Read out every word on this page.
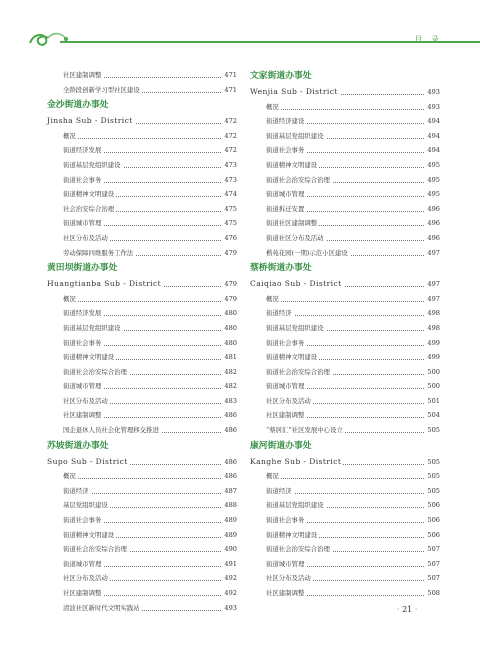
目 录
社区建制调整	471
全龄段创新学习型社区建设	471
金沙街道办事处
Jinsha Sub - District	472
概况	472
街道经济发展	472
街道基层党组织建设	473
街道社会事务	473
街道精神文明建设	474
社会治安综合治理	475
街道城市管理	475
社区分布及活动	476
劳动保障四维服务工作法	479
黄田坝街道办事处
Huangtianba Sub - District	479
概况	479
街道经济发展	480
街道基层党组织建设	480
街道社会事务	480
街道精神文明建设	481
街道社会治安综合治理	482
街道城市管理	482
社区分布及活动	483
社区建制调整	486
国企退休人员社会化管理移交推进	486
苏坡街道办事处
Supo Sub - District	486
概况	486
街道经济	487
基层党组织建设	488
街道社会事务	489
街道精神文明建设	489
街道社会治安综合治理	490
街道城市管理	491
社区分布及活动	492
社区建制调整	492
清波社区新时代文明实践站	493
文家街道办事处
Wenjia Sub - District	493
概况	493
街道经济建设	494
街道基层党组织建设	494
街道社会事务	494
街道精神文明建设	495
街道社会治安综合治理	495
街道城市管理	495
街道拆迁安置	496
街道社区建制调整	496
街道社区分布及活动	496
楷苑花园(一期)示范小区建设	497
蔡桥街道办事处
Caiqiao Sub - District	497
概况	497
街道经济	498
街道基层党组织建设	498
街道社会事务	499
街道精神文明建设	499
街道社会治安综合治理	500
街道城市管理	500
社区分布及活动	501
社区建制调整	504
“蔡居汇”社区发展中心设立	505
康河街道办事处
Kanghe Sub - District	505
概况	505
街道经济	505
街道基层党组织建设	506
街道社会事务	506
街道精神文明建设	506
街道社会治安综合治理	507
街道城市管理	507
社区分布及活动	507
社区建制调整	508
· 21 ·
